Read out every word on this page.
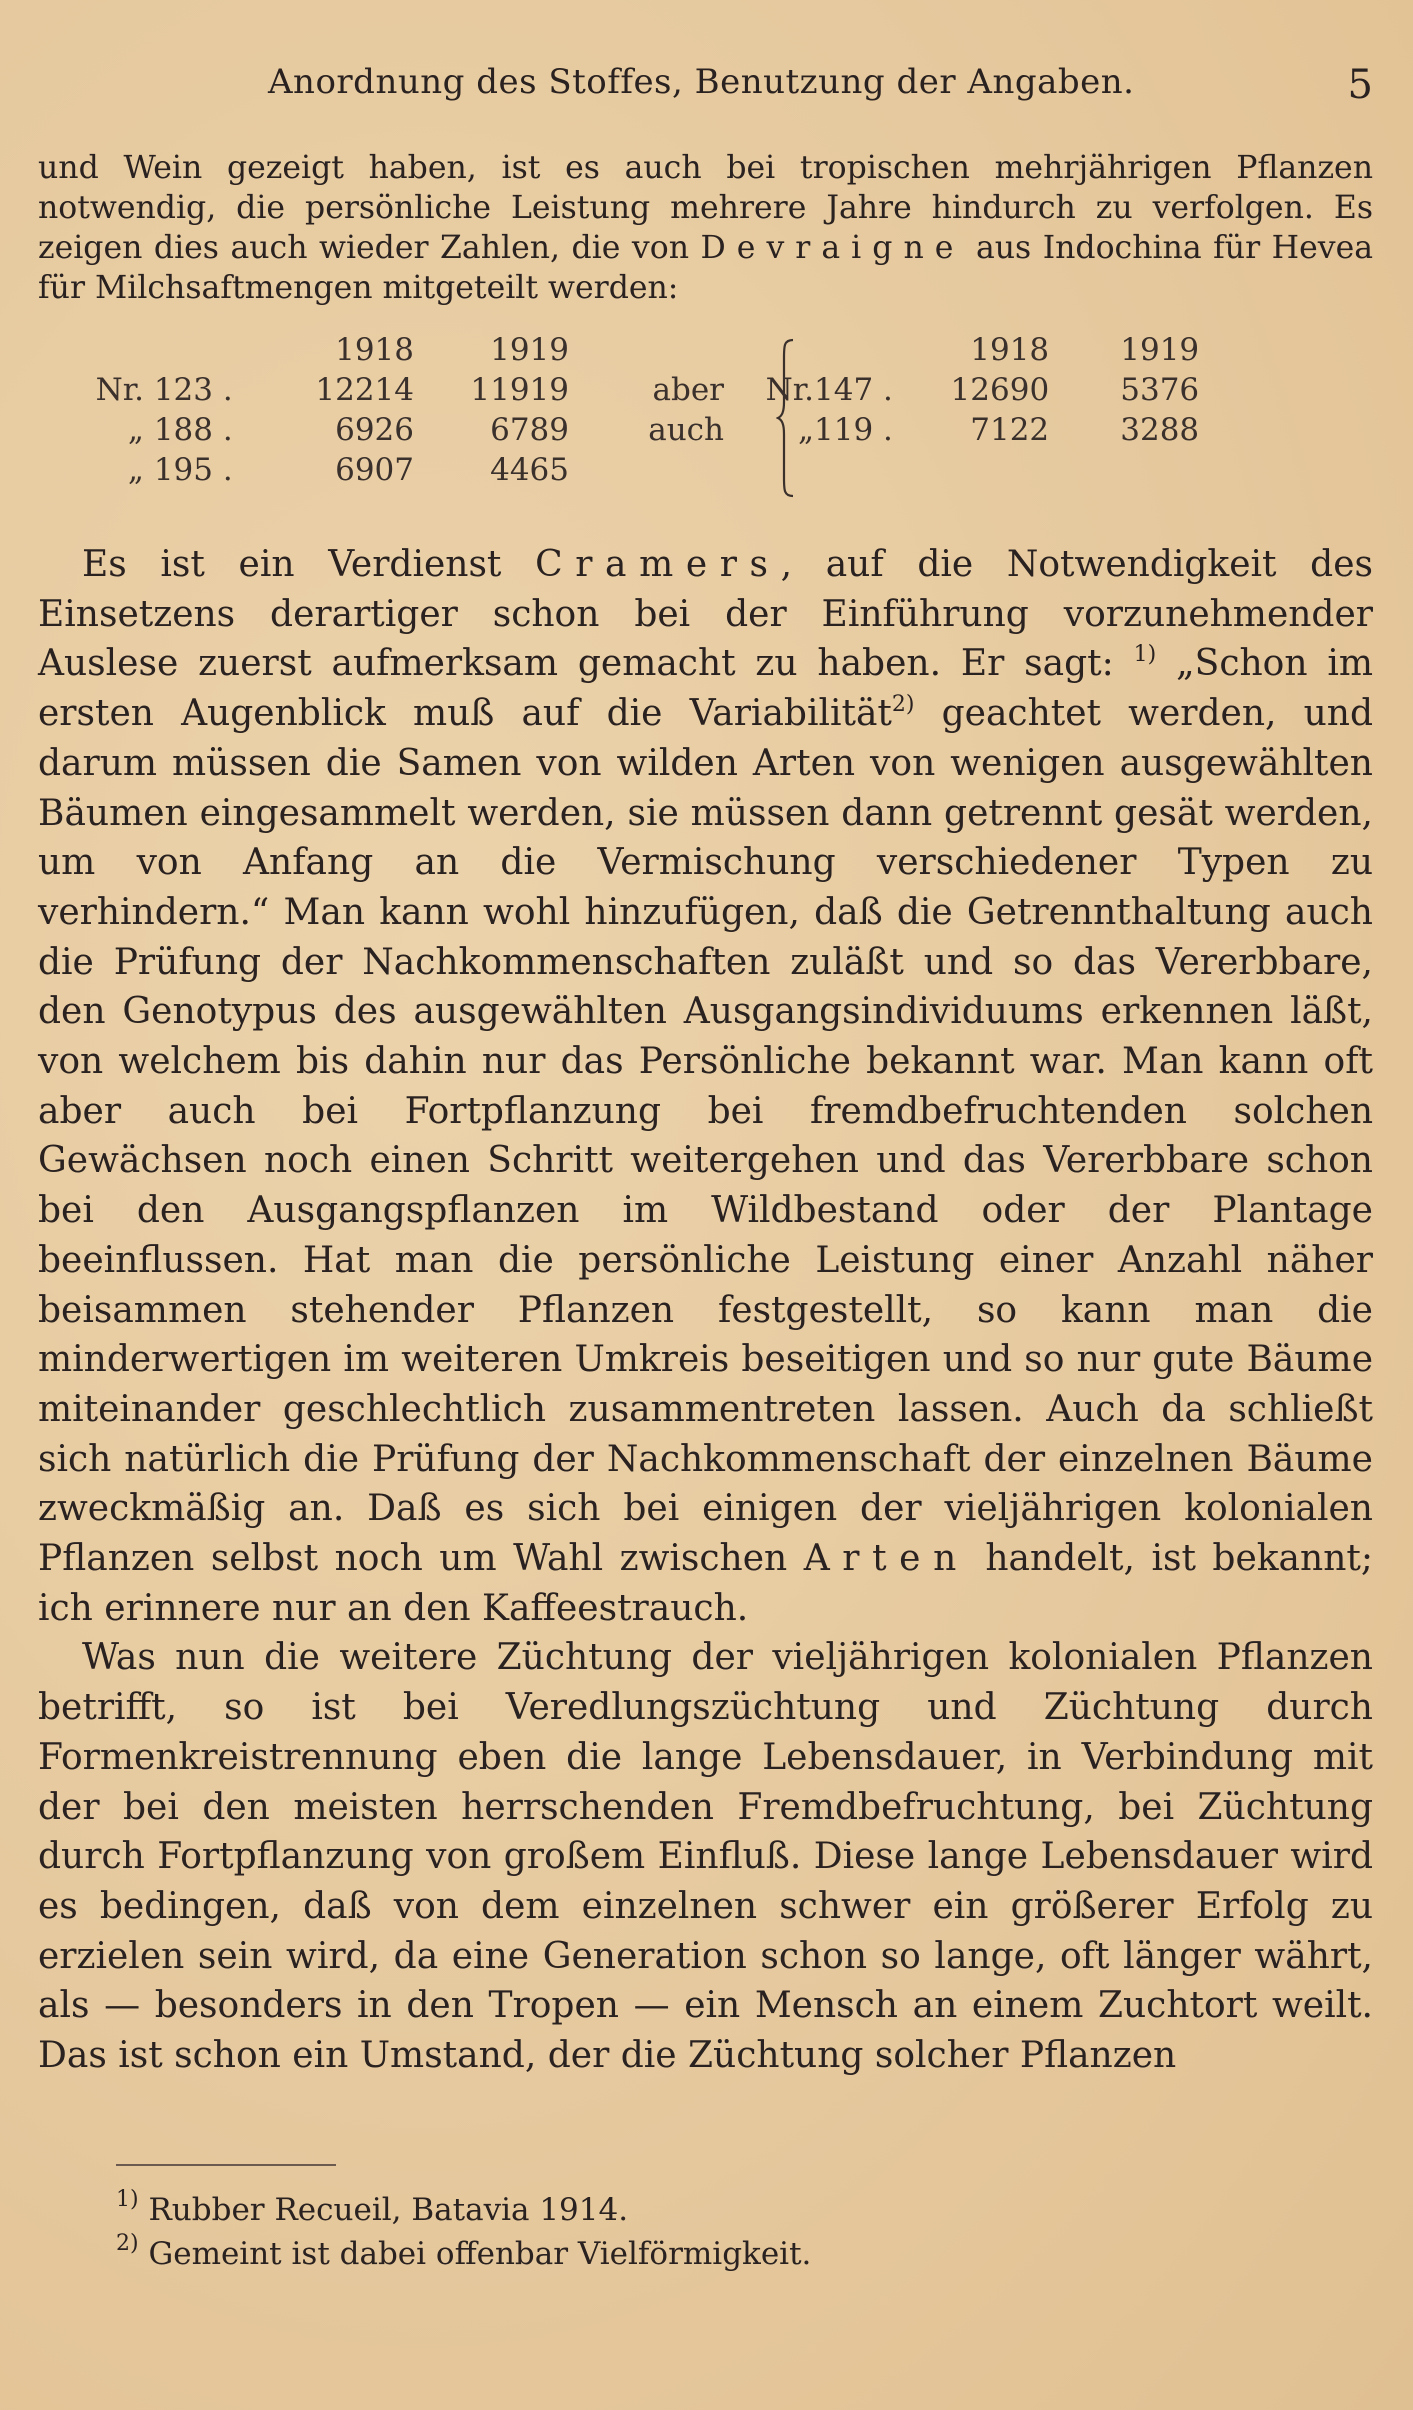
Anordnung des Stoffes, Benutzung der Angaben.	5

und Wein gezeigt haben, ist es auch bei tropischen mehrjährigen Pflanzen notwendig, die persönliche Leistung mehrere Jahre hindurch zu verfolgen. Es zeigen dies auch wieder Zahlen, die von Devraigne aus Indochina für Hevea für Milchsaftmengen mitgeteilt werden:

		1918	1919					1918	1919
Nr. 123	.	12214	11919	aber	Nr.	147	.	12690	5376
„ 188	.	6926	6789	auch	„	119	.	7122	3288
„ 195	.	6907	4465						

Es ist ein Verdienst Cramers, auf die Notwendigkeit des Einsetzens derartiger schon bei der Einführung vorzunehmender Auslese zuerst aufmerksam gemacht zu haben. Er sagt: $^{1)}$ „Schon im ersten Augenblick muß auf die Variabilität$^{2)}$ geachtet werden, und darum müssen die Samen von wilden Arten von wenigen ausgewählten Bäumen eingesammelt werden, sie müssen dann getrennt gesät werden, um von Anfang an die Vermischung verschiedener Typen zu verhindern.“ Man kann wohl hinzufügen, daß die Getrennthaltung auch die Prüfung der Nachkommenschaften zuläßt und so das Vererbbare, den Genotypus des ausgewählten Ausgangsindividuums erkennen läßt, von welchem bis dahin nur das Persönliche bekannt war. Man kann oft aber auch bei Fortpflanzung bei fremdbefruchtenden solchen Gewächsen noch einen Schritt weitergehen und das Vererbbare schon bei den Ausgangspflanzen im Wildbestand oder der Plantage beeinflussen. Hat man die persönliche Leistung einer Anzahl näher beisammen stehender Pflanzen festgestellt, so kann man die minderwertigen im weiteren Umkreis beseitigen und so nur gute Bäume miteinander geschlechtlich zusammentreten lassen. Auch da schließt sich natürlich die Prüfung der Nachkommenschaft der einzelnen Bäume zweckmäßig an. Daß es sich bei einigen der vieljährigen kolonialen Pflanzen selbst noch um Wahl zwischen Arten handelt, ist bekannt; ich erinnere nur an den Kaffeestrauch.

Was nun die weitere Züchtung der vieljährigen kolonialen Pflanzen betrifft, so ist bei Veredlungszüchtung und Züchtung durch Formenkreistrennung eben die lange Lebensdauer, in Verbindung mit der bei den meisten herrschenden Fremdbefruchtung, bei Züchtung durch Fortpflanzung von großem Einfluß. Diese lange Lebensdauer wird es bedingen, daß von dem einzelnen schwer ein größerer Erfolg zu erzielen sein wird, da eine Generation schon so lange, oft länger währt, als — besonders in den Tropen — ein Mensch an einem Zuchtort weilt. Das ist schon ein Umstand, der die Züchtung solcher Pflanzen

$^{1)}$ Rubber Recueil, Batavia 1914.
$^{2)}$ Gemeint ist dabei offenbar Vielförmigkeit.
